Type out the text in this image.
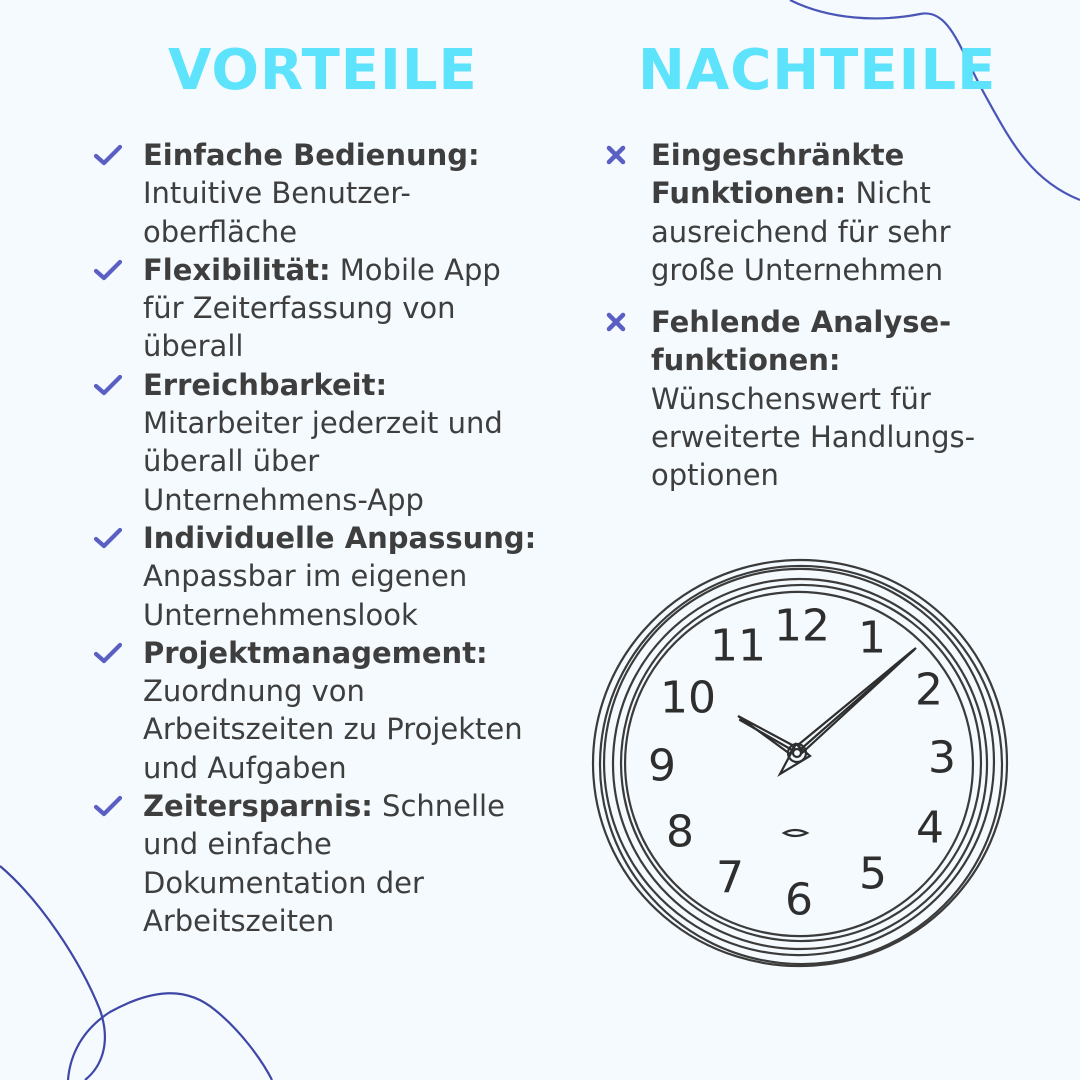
VORTEILE	NACHTEILE
Einfache Bedienung: Intuitive Benutzer-oberfläche
Flexibilität: Mobile App für Zeiterfassung von überall
Erreichbarkeit: Mitarbeiter jederzeit und überall über Unternehmens-App
Individuelle Anpassung: Anpassbar im eigenen Unternehmenslook
Projektmanagement: Zuordnung von Arbeitszeiten zu Projekten und Aufgaben
Zeitersparnis: Schnelle und einfache Dokumentation der Arbeitszeiten
Eingeschränkte Funktionen: Nicht ausreichend für sehr große Unternehmen
Fehlende Analyse-funktionen: Wünschenswert für erweiterte Handlungs-optionen
12 1
2
3
4
5
6
7
8
9
10
11
